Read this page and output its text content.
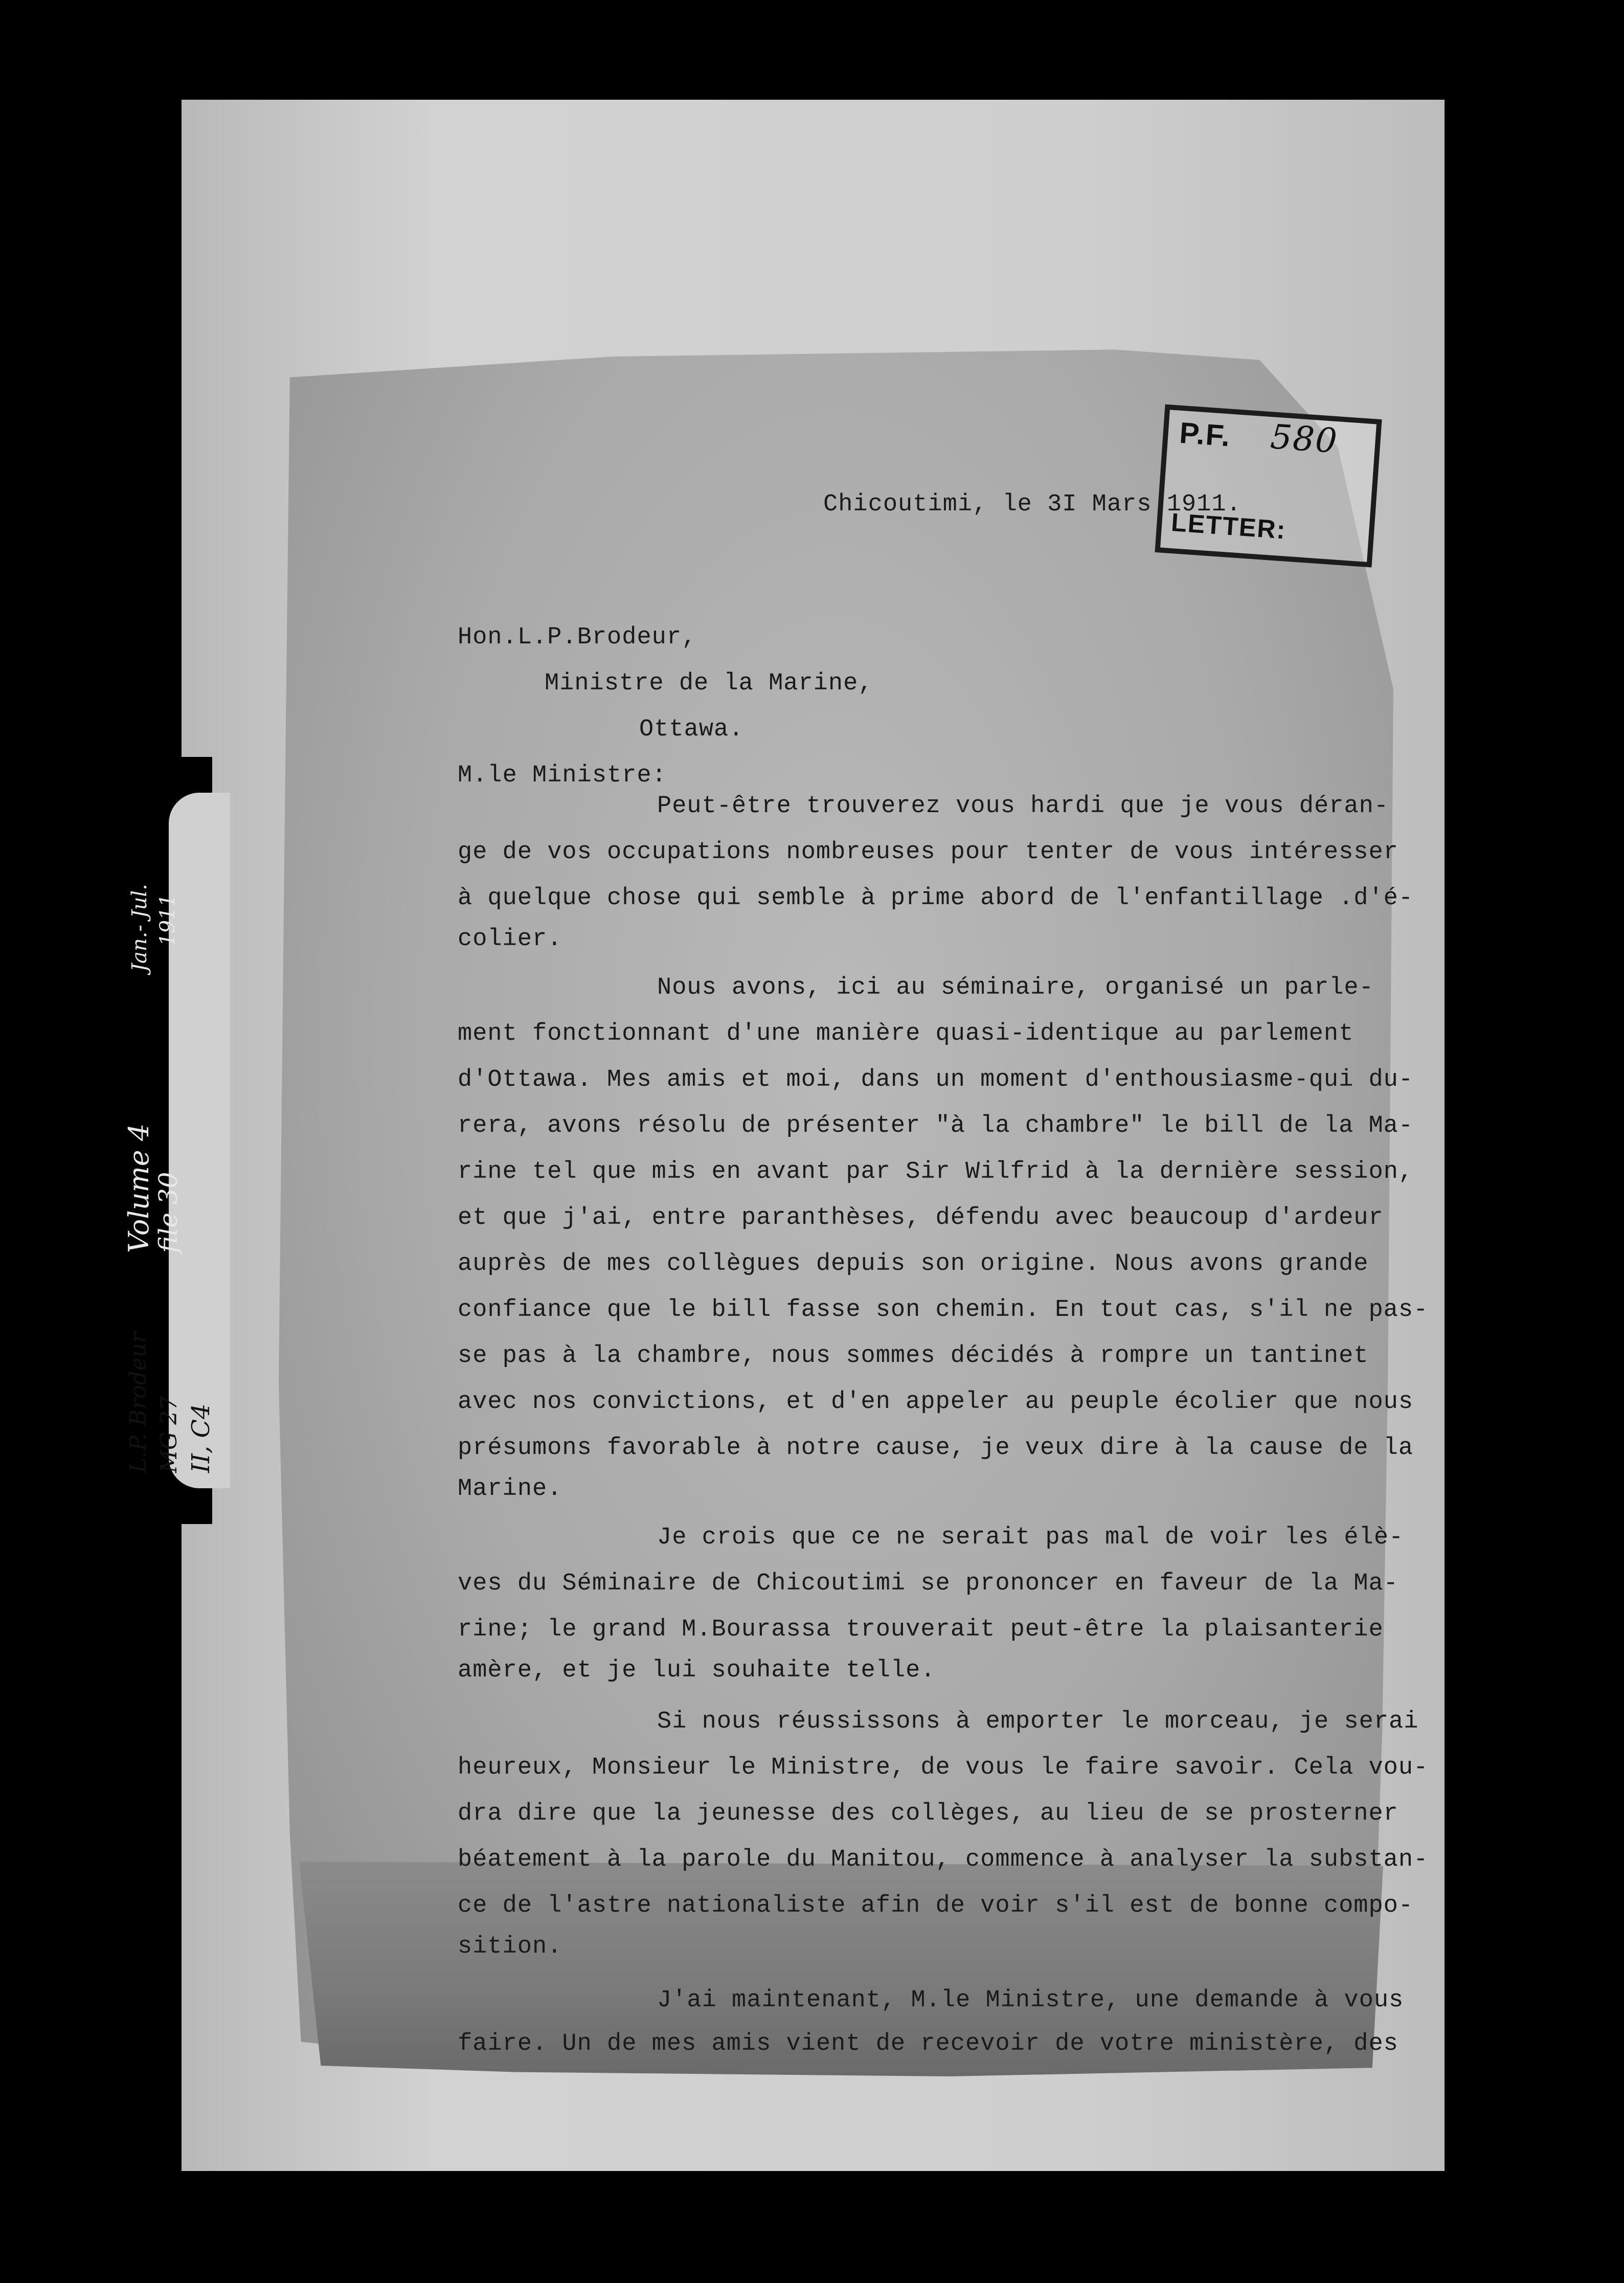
L.P. Brodeur MG 27 II, C4
Volume 4
file 30
Jan.- Jul. 1911
P.F. 580
LETTER:
Chicoutimi, le 3I Mars 1911.
Hon.L.P.Brodeur,
Ministre de la Marine,
Ottawa.
M.le Ministre:
Peut-être trouverez vous hardi que je vous déran-
ge de vos occupations nombreuses pour tenter de vous intéresser
à quelque chose qui semble à prime abord de l'enfantillage .d'é-
colier.
Nous avons, ici au séminaire, organisé un parle-
ment fonctionnant d'une manière quasi-identique au parlement
d'Ottawa. Mes amis et moi, dans un moment d'enthousiasme-qui du-
rera, avons résolu de présenter "à la chambre" le bill de la Ma-
rine tel que mis en avant par Sir Wilfrid à la dernière session,
et que j'ai, entre paranthèses, défendu avec beaucoup d'ardeur
auprès de mes collègues depuis son origine. Nous avons grande
confiance que le bill fasse son chemin. En tout cas, s'il ne pas-
se pas à la chambre, nous sommes décidés à rompre un tantinet
avec nos convictions, et d'en appeler au peuple écolier que nous
présumons favorable à notre cause, je veux dire à la cause de la
Marine.
Je crois que ce ne serait pas mal de voir les élè-
ves du Séminaire de Chicoutimi se prononcer en faveur de la Ma-
rine; le grand M.Bourassa trouverait peut-être la plaisanterie
amère, et je lui souhaite telle.
Si nous réussissons à emporter le morceau, je serai
heureux, Monsieur le Ministre, de vous le faire savoir. Cela vou-
dra dire que la jeunesse des collèges, au lieu de se prosterner
béatement à la parole du Manitou, commence à analyser la substan-
ce de l'astre nationaliste afin de voir s'il est de bonne compo-
sition.
J'ai maintenant, M.le Ministre, une demande à vous
faire. Un de mes amis vient de recevoir de votre ministère, des
